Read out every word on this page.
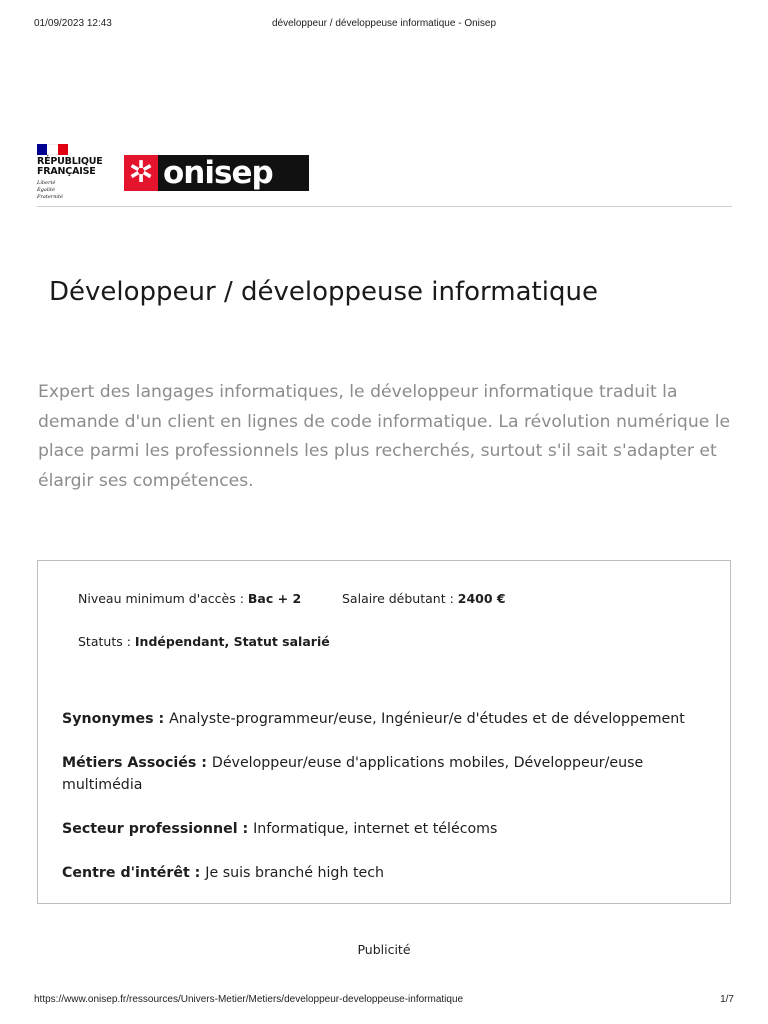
01/09/2023 12:43	développeur / développeuse informatique - Onisep
RÉPUBLIQUE
FRANÇAISE
Liberté
Égalité
Fraternité
✲ onisep
Développeur / développeuse informatique

Expert des langages informatiques, le développeur informatique traduit la demande d'un client en lignes de code informatique. La révolution numérique le place parmi les professionnels les plus recherchés, surtout s'il sait s'adapter et élargir ses compétences.

Niveau minimum d'accès : Bac + 2	Salaire débutant : 2400 €
Statuts : Indépendant, Statut salarié
Synonymes : Analyste-programmeur/euse, Ingénieur/e d'études et de développement
Métiers Associés : Développeur/euse d'applications mobiles, Développeur/euse multimédia
Secteur professionnel : Informatique, internet et télécoms
Centre d'intérêt : Je suis branché high tech
Publicité
https://www.onisep.fr/ressources/Univers-Metier/Metiers/developpeur-developpeuse-informatique	1/7
